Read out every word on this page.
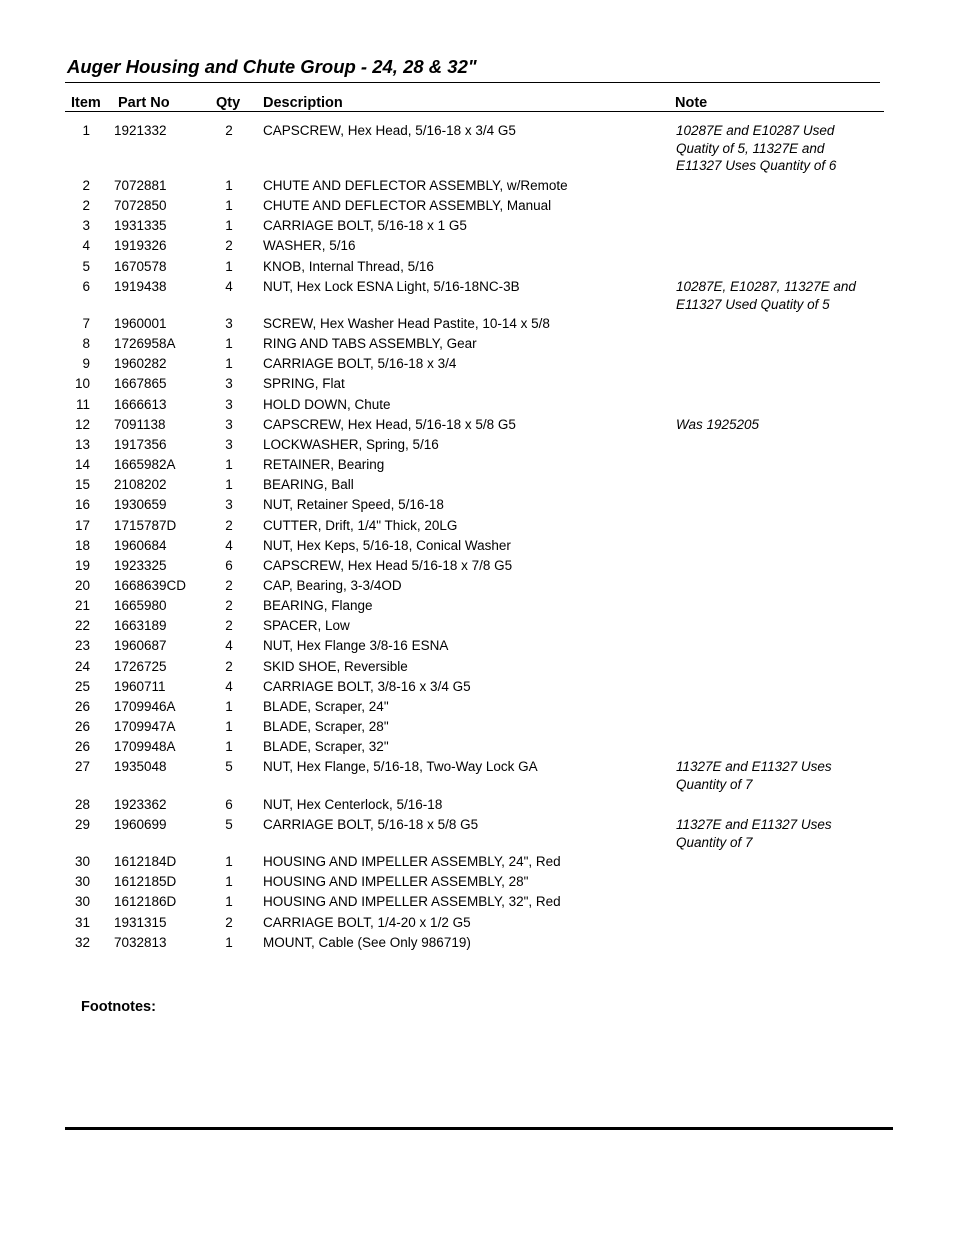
Auger Housing and Chute Group - 24, 28 & 32"
Item Part No	Qty Description	Note
1 1921332	2	CAPSCREW, Hex Head, 5/16-18 x 3/4 G5	10287E and E10287 Used
Quatity of 5, 11327E and
E11327 Uses Quantity of 6
2 7072881	1	CHUTE AND DEFLECTOR ASSEMBLY, w/Remote
2 7072850	1	CHUTE AND DEFLECTOR ASSEMBLY, Manual
3 1931335	1	CARRIAGE BOLT, 5/16-18 x 1 G5
4 1919326	2	WASHER, 5/16
5 1670578	1	KNOB, Internal Thread, 5/16
6 1919438	4	NUT, Hex Lock ESNA Light, 5/16-18NC-3B	10287E, E10287, 11327E and
E11327 Used Quatity of 5
7 1960001	3	SCREW, Hex Washer Head Pastite, 10-14 x 5/8
8 1726958A	1	RING AND TABS ASSEMBLY, Gear
9 1960282	1	CARRIAGE BOLT, 5/16-18 x 3/4
10 1667865	3	SPRING, Flat
11 1666613	3	HOLD DOWN, Chute
12 7091138	3	CAPSCREW, Hex Head, 5/16-18 x 5/8 G5	Was 1925205
13 1917356	3	LOCKWASHER, Spring, 5/16
14 1665982A	1	RETAINER, Bearing
15 2108202	1	BEARING, Ball
16 1930659	3	NUT, Retainer Speed, 5/16-18
17 1715787D	2	CUTTER, Drift, 1/4" Thick, 20LG
18 1960684	4	NUT, Hex Keps, 5/16-18, Conical Washer
19 1923325	6	CAPSCREW, Hex Head 5/16-18 x 7/8 G5
20 1668639CD	2	CAP, Bearing, 3-3/4OD
21 1665980	2	BEARING, Flange
22 1663189	2	SPACER, Low
23 1960687	4	NUT, Hex Flange 3/8-16 ESNA
24 1726725	2	SKID SHOE, Reversible
25 1960711	4	CARRIAGE BOLT, 3/8-16 x 3/4 G5
26 1709946A	1	BLADE, Scraper, 24"
26 1709947A	1	BLADE, Scraper, 28"
26 1709948A	1	BLADE, Scraper, 32"
27 1935048	5	NUT, Hex Flange, 5/16-18, Two-Way Lock GA	11327E and E11327 Uses
Quantity of 7
28 1923362	6	NUT, Hex Centerlock, 5/16-18
29 1960699	5	CARRIAGE BOLT, 5/16-18 x 5/8 G5	11327E and E11327 Uses
Quantity of 7
30 1612184D	1	HOUSING AND IMPELLER ASSEMBLY, 24", Red
30 1612185D	1	HOUSING AND IMPELLER ASSEMBLY, 28"
30 1612186D	1	HOUSING AND IMPELLER ASSEMBLY, 32", Red
31 1931315	2	CARRIAGE BOLT, 1/4-20 x 1/2 G5
32 7032813	1	MOUNT, Cable (See Only 986719)
Footnotes:
